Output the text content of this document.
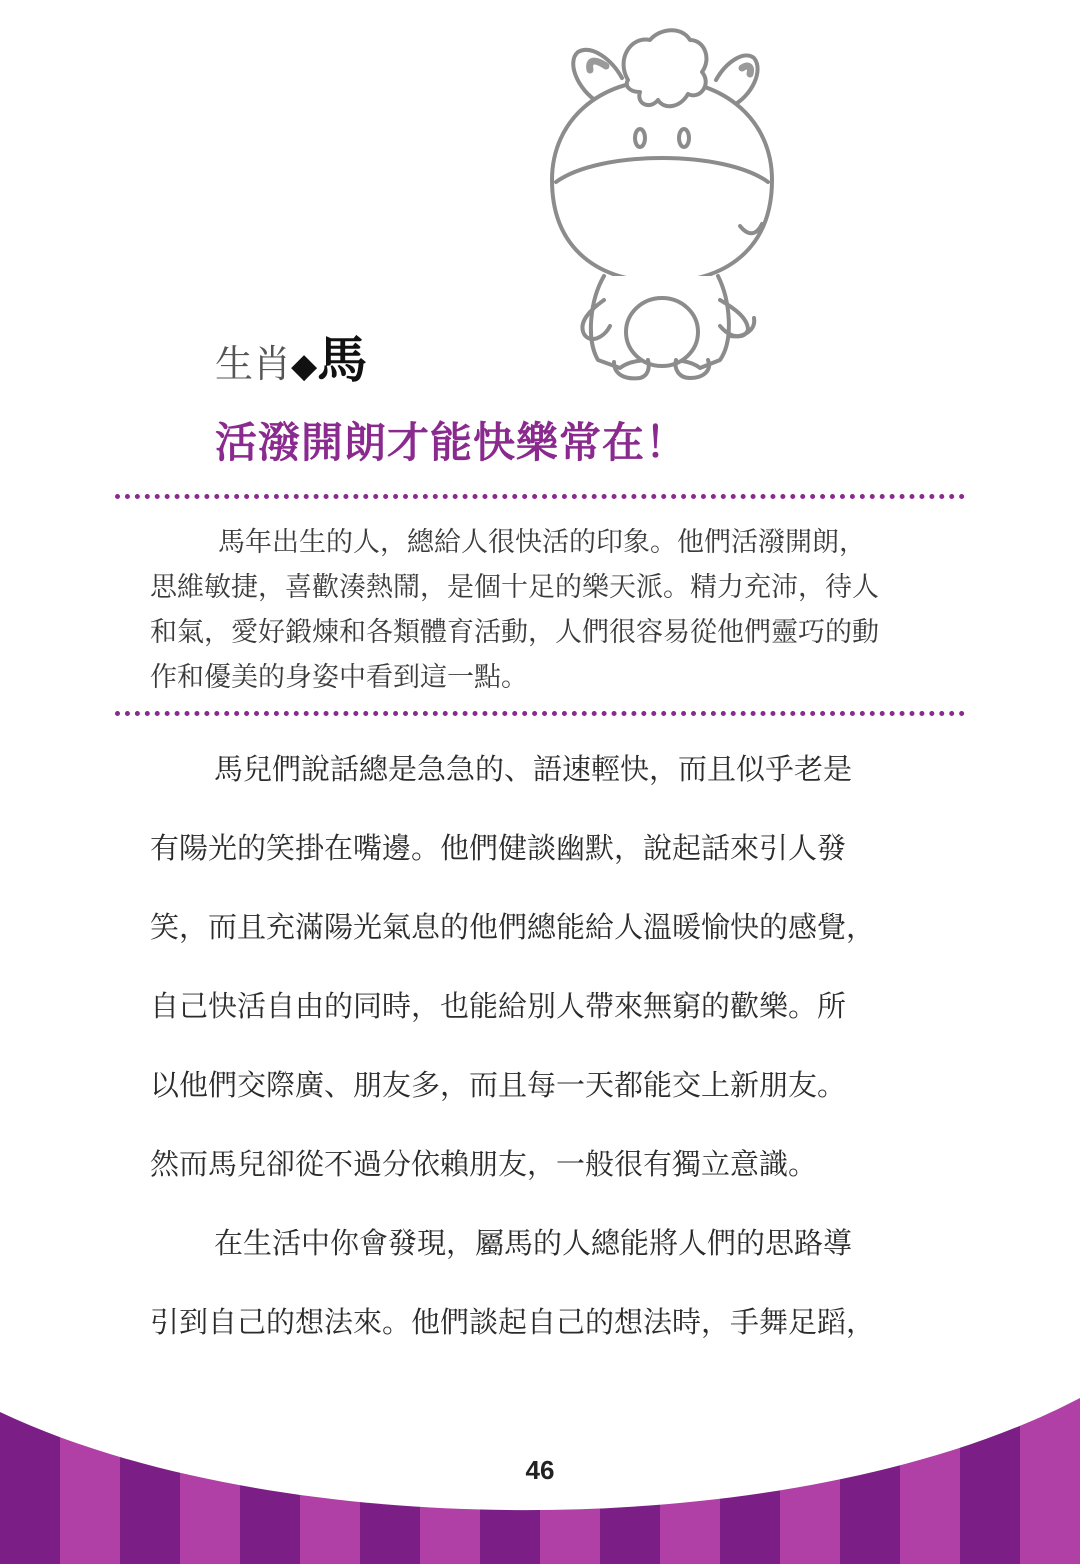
生肖◆馬
活潑開朗才能快樂常在！

馬年出生的人，總給人很快活的印象。他們活潑開朗，

思維敏捷，喜歡湊熱鬧，是個十足的樂天派。精力充沛，待人

和氣，愛好鍛煉和各類體育活動，人們很容易從他們靈巧的動

作和優美的身姿中看到這一點。

馬兒們說話總是急急的、語速輕快，而且似乎老是

有陽光的笑掛在嘴邊。他們健談幽默，說起話來引人發

笑，而且充滿陽光氣息的他們總能給人溫暖愉快的感覺，

自己快活自由的同時，也能給別人帶來無窮的歡樂。所

以他們交際廣、朋友多，而且每一天都能交上新朋友。

然而馬兒卻從不過分依賴朋友，一般很有獨立意識。

在生活中你會發現，屬馬的人總能將人們的思路導

引到自己的想法來。他們談起自己的想法時，手舞足蹈，

46
